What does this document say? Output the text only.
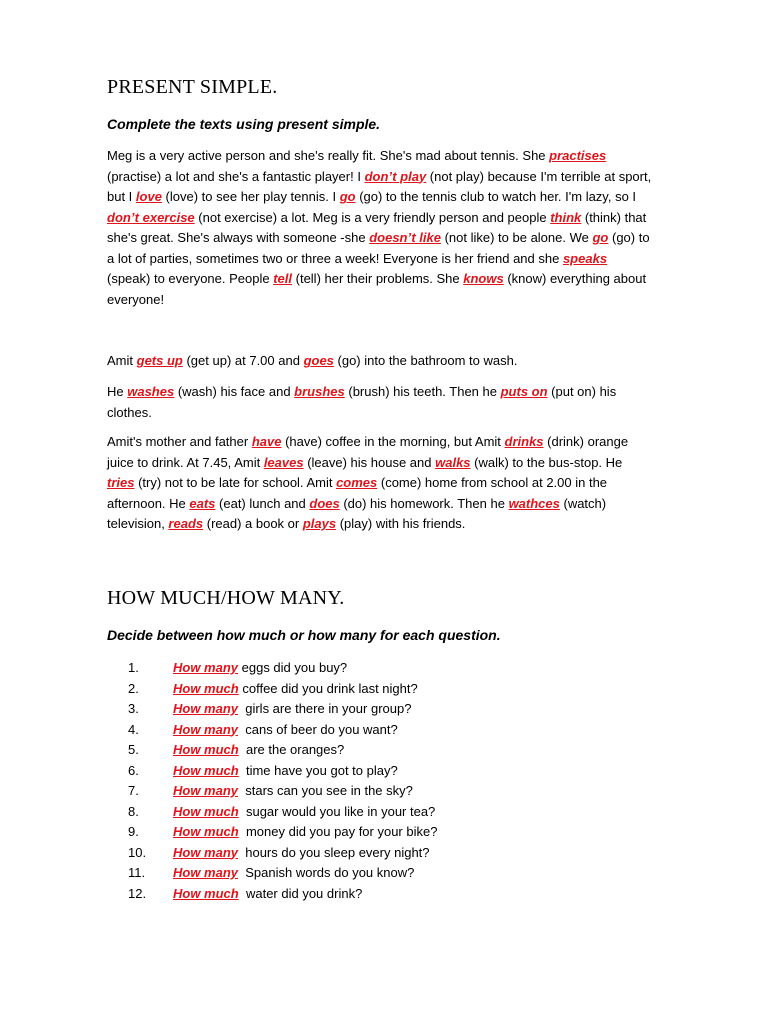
PRESENT SIMPLE.

Complete the texts using present simple.

Meg is a very active person and she's really fit. She's mad about tennis. She practises (practise) a lot and she's a fantastic player! I don’t play (not play) because I'm terrible at sport, but I love (love) to see her play tennis. I go (go) to the tennis club to watch her. I'm lazy, so I don’t exercise (not exercise) a lot. Meg is a very friendly person and people think (think) that she's great. She's always with someone -she doesn’t like (not like) to be alone. We go (go) to a lot of parties, sometimes two or three a week! Everyone is her friend and she speaks (speak) to everyone. People tell (tell) her their problems. She knows (know) everything about everyone!

Amit gets up (get up) at 7.00 and goes (go) into the bathroom to wash.

He washes (wash) his face and brushes (brush) his teeth. Then he puts on (put on) his clothes.

Amit's mother and father have (have) coffee in the morning, but Amit drinks (drink) orange juice to drink. At 7.45, Amit leaves (leave) his house and walks (walk) to the bus-stop. He tries (try) not to be late for school. Amit comes (come) home from school at 2.00 in the afternoon. He eats (eat) lunch and does (do) his homework. Then he wathces (watch) television, reads (read) a book or plays (play) with his friends.

HOW MUCH/HOW MANY.

Decide between how much or how many for each question.

1.	How many eggs did you buy?
2.	How much coffee did you drink last night?
3.	How many  girls are there in your group?
4.	How many  cans of beer do you want?
5.	How much  are the oranges?
6.	How much  time have you got to play?
7.	How many  stars can you see in the sky?
8.	How much  sugar would you like in your tea?
9.	How much  money did you pay for your bike?
10. How many  hours do you sleep every night?
11. How many  Spanish words do you know?
12. How much  water did you drink?
